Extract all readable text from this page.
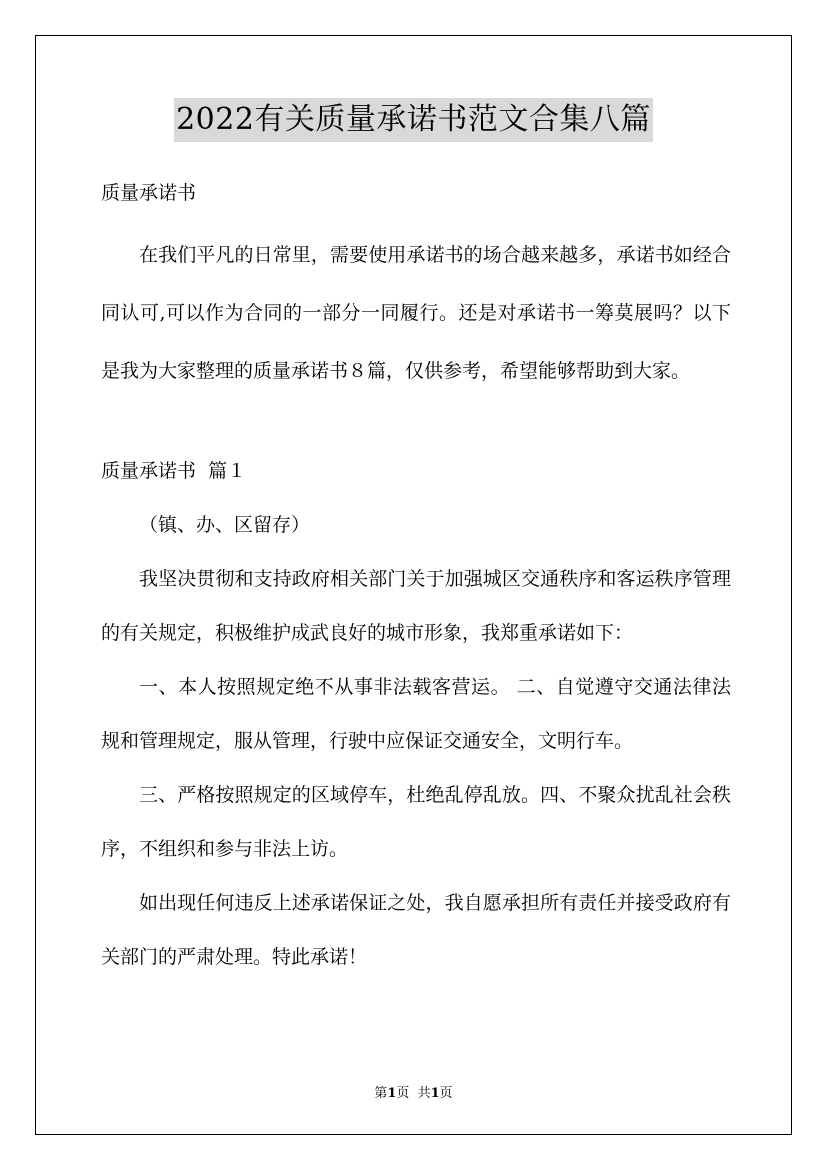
2022有关质量承诺书范文合集八篇
质量承诺书

在我们平凡的日常里，需要使用承诺书的场合越来越多，承诺书如经合同认可,可以作为合同的一部分一同履行。还是对承诺书一筹莫展吗？以下是我为大家整理的质量承诺书８篇，仅供参考，希望能够帮助到大家。

质量承诺书  篇１

（镇、办、区留存）

我坚决贯彻和支持政府相关部门关于加强城区交通秩序和客运秩序管理的有关规定，积极维护成武良好的城市形象，我郑重承诺如下：

一、本人按照规定绝不从事非法载客营运。 二、自觉遵守交通法律法规和管理规定，服从管理，行驶中应保证交通安全，文明行车。

三、严格按照规定的区域停车，杜绝乱停乱放。四、不聚众扰乱社会秩序，不组织和参与非法上访。

如出现任何违反上述承诺保证之处，我自愿承担所有责任并接受政府有关部门的严肃处理。特此承诺！

第1页  共1页
